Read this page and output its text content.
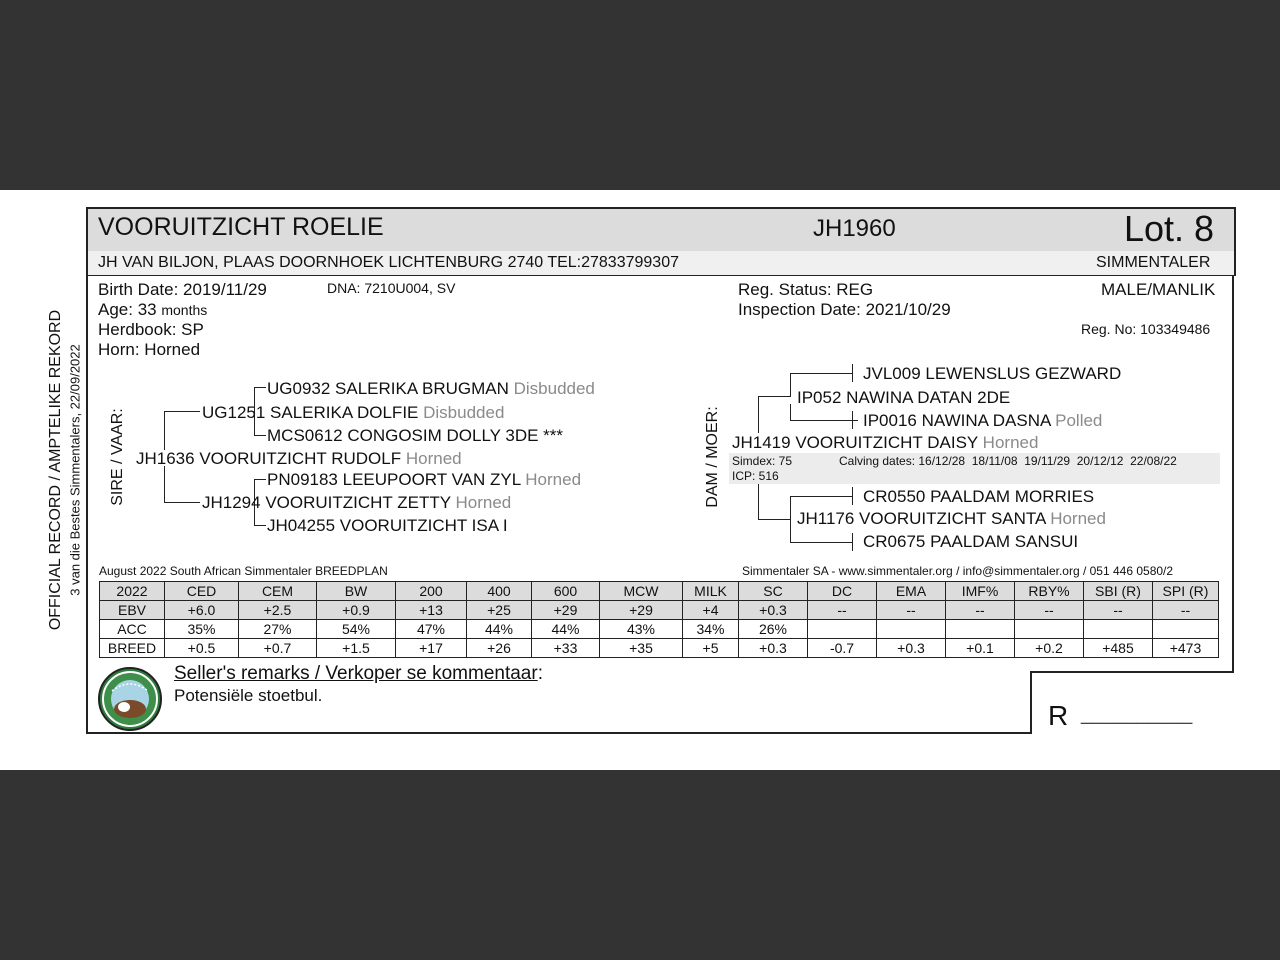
VOORUITZICHT ROELIE	JH1960	Lot. 8
JH VAN BILJON, PLAAS DOORNHOEK LICHTENBURG 2740 TEL:27833799307	SIMMENTALER
Birth Date: 2019/11/29	DNA: 7210U004, SV
Age: 33 months
Herdbook: SP
Horn: Horned
Reg. Status: REG	MALE/MANLIK
Inspection Date: 2021/10/29
Reg. No: 103349486
OFFICIAL RECORD / AMPTELIKE REKORD 3 van die Bestes Simmentalers, 22/09/2022 SIRE / VAAR:
UG0932 SALERIKA BRUGMAN Disbudded
UG1251 SALERIKA DOLFIE Disbudded
MCS0612 CONGOSIM DOLLY 3DE ***
JH1636 VOORUITZICHT RUDOLF Horned
PN09183 LEEUPOORT VAN ZYL Horned
JH1294 VOORUITZICHT ZETTY Horned
JH04255 VOORUITZICHT ISA I
DAM / MOER:
JVL009 LEWENSLUS GEZWARD
IP052 NAWINA DATAN 2DE
IP0016 NAWINA DASNA Polled
JH1419 VOORUITZICHT DAISY Horned
Simdex: 75	Calving dates: 16/12/28  18/11/08  19/11/29  20/12/12  22/08/22
ICP: 516
CR0550 PAALDAM MORRIES
JH1176 VOORUITZICHT SANTA Horned
CR0675 PAALDAM SANSUI
August 2022 South African Simmentaler BREEDPLAN	Simmentaler SA - www.simmentaler.org / info@simmentaler.org / 051 446 0580/2
2022	CED	CEM	BW	200	400	600	MCW	MILK	SC	DC	EMA	IMF%	RBY%	SBI (R)	SPI (R)
EBV	+6.0	+2.5	+0.9	+13	+25	+29	+29	+4	+0.3	--	--	--	--	--	--
ACC	35%	27%	54%	47%	44%	44%	43%	34%	26%						
BREED	+0.5	+0.7	+1.5	+17	+26	+33	+35	+5	+0.3	-0.7	+0.3	+0.1	+0.2	+485	+473
Seller's remarks / Verkoper se kommentaar:
Potensiële stoetbul.
R __________
